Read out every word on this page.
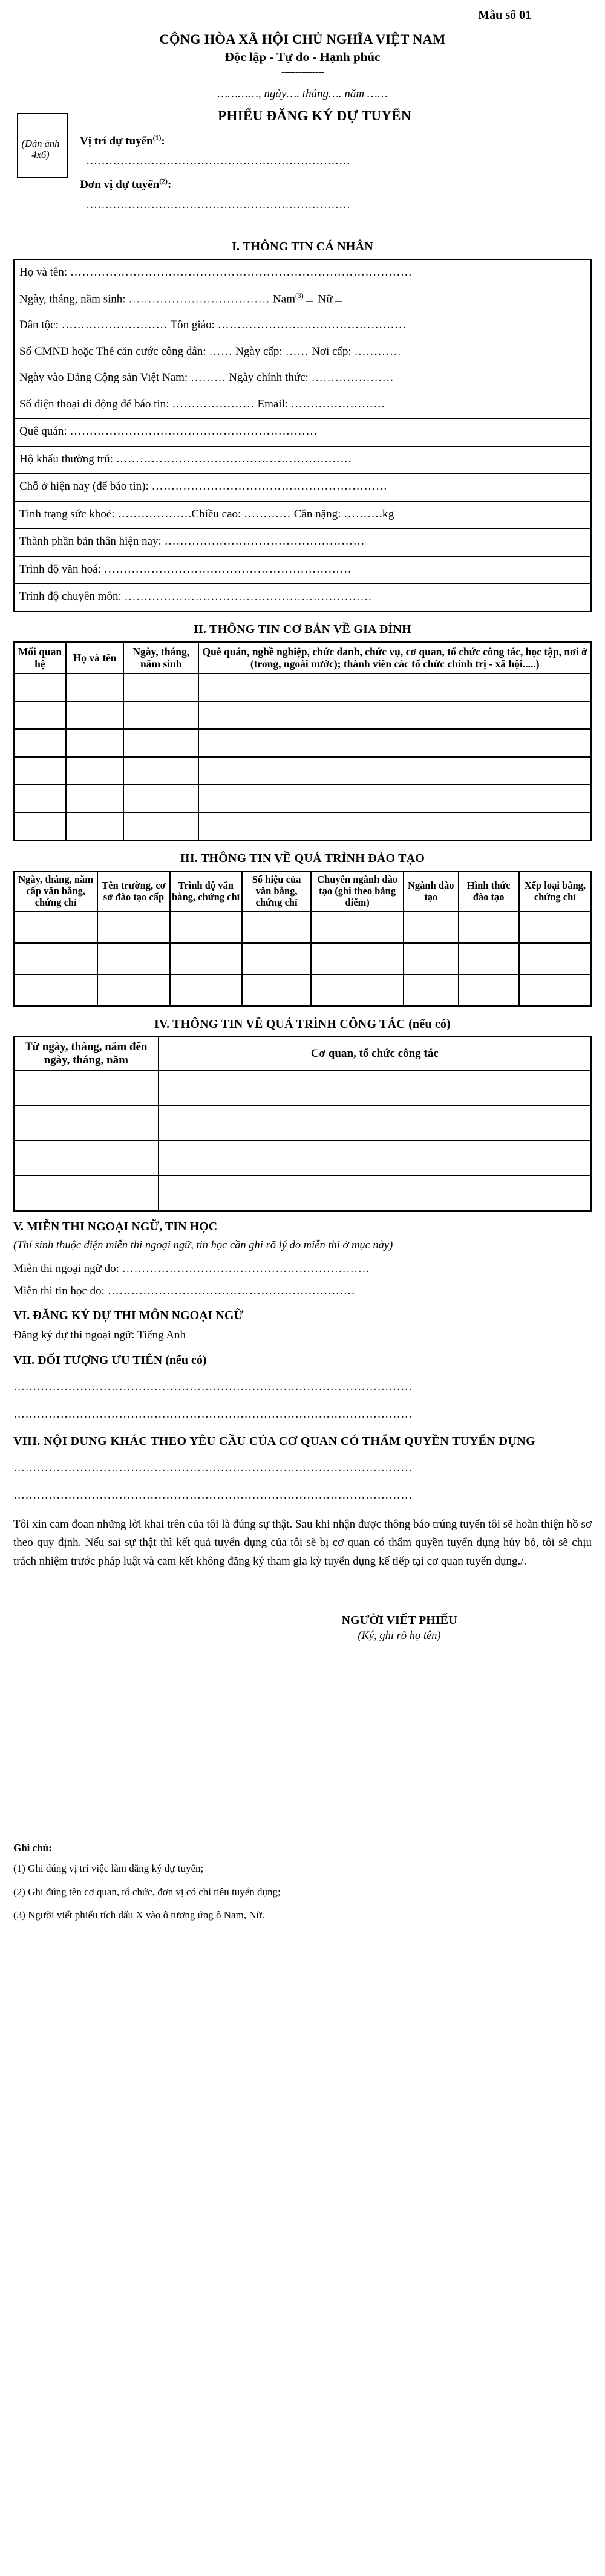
Mẫu số 01
CỘNG HÒA XÃ HỘI CHỦ NGHĨA VIỆT NAM
Độc lập - Tự do - Hạnh phúc
---------------
…………, ngày…. tháng…. năm ……
(Dán ảnh 4x6)
PHIẾU ĐĂNG KÝ DỰ TUYỂN
Vị trí dự tuyển$^{(1)}$:
……………………………………………………………
Đơn vị dự tuyển$^{(2)}$:
……………………………………………………………
I. THÔNG TIN CÁ NHÂN
Họ và tên: ……………………………………………………………………………
Ngày, tháng, năm sinh: ……………………………… Nam$^{(3)}$ Nữ
Dân tộc: ……………………… Tôn giáo: …………………………………………
Số CMND hoặc Thẻ căn cước công dân: …… Ngày cấp: …… Nơi cấp: …………
Ngày vào Đảng Cộng sản Việt Nam: ……… Ngày chính thức: …………………
Số điện thoại di động để báo tin: ………………… Email: ……………………
Quê quán: ………………………………………………………
Hộ khẩu thường trú: ……………………………………………………
Chỗ ở hiện nay (để báo tin): ……………………………………………………
Tình trạng sức khoẻ: ……………….Chiều cao: ………… Cân nặng: ……….kg
Thành phần bản thân hiện nay: ……………………………………………
Trình độ văn hoá: ………………………………………………………
Trình độ chuyên môn: ………………………………………………………
II. THÔNG TIN CƠ BẢN VỀ GIA ĐÌNH
Mối quan hệ	Họ và tên	Ngày, tháng, năm sinh	Quê quán, nghề nghiệp, chức danh, chức vụ, cơ quan, tổ chức công tác, học tập, nơi ở (trong, ngoài nước); thành viên các tổ chức chính trị - xã hội.....)

III. THÔNG TIN VỀ QUÁ TRÌNH ĐÀO TẠO
Ngày, tháng, năm cấp văn bằng, chứng chỉ	Tên trường, cơ sở đào tạo cấp	Trình độ văn bằng, chứng chỉ	Số hiệu của văn bằng, chứng chỉ	Chuyên ngành đào tạo (ghi theo bảng điểm)	Ngành đào tạo	Hình thức đào tạo	Xếp loại bằng, chứng chỉ

IV. THÔNG TIN VỀ QUÁ TRÌNH CÔNG TÁC (nếu có)
Từ ngày, tháng, năm đến ngày, tháng, năm	Cơ quan, tổ chức công tác

V. MIỄN THI NGOẠI NGỮ, TIN HỌC
(Thí sinh thuộc diện miễn thi ngoại ngữ, tin học cần ghi rõ lý do miễn thi ở mục này)
Miễn thi ngoại ngữ do: ………………………………………………………
Miễn thi tin học do: ………………………………………………………
VI. ĐĂNG KÝ DỰ THI MÔN NGOẠI NGỮ
Đăng ký dự thi ngoại ngữ: Tiếng Anh
VII. ĐỐI TƯỢNG ƯU TIÊN (nếu có)
…………………………………………………………………………………………
…………………………………………………………………………………………
VIII. NỘI DUNG KHÁC THEO YÊU CẦU CỦA CƠ QUAN CÓ THẨM QUYỀN TUYỂN DỤNG
…………………………………………………………………………………………
…………………………………………………………………………………………
Tôi xin cam đoan những lời khai trên của tôi là đúng sự thật. Sau khi nhận được thông báo trúng tuyển tôi sẽ hoàn thiện hồ sơ theo quy định. Nếu sai sự thật thì kết quả tuyển dụng của tôi sẽ bị cơ quan có thẩm quyền tuyển dụng hủy bỏ, tôi sẽ chịu trách nhiệm trước pháp luật và cam kết không đăng ký tham gia kỳ tuyển dụng kế tiếp tại cơ quan tuyển dụng./.
NGƯỜI VIẾT PHIẾU
(Ký, ghi rõ họ tên)
Ghi chú:
(1) Ghi đúng vị trí việc làm đăng ký dự tuyển;
(2) Ghi đúng tên cơ quan, tổ chức, đơn vị có chỉ tiêu tuyển dụng;
(3) Người viết phiếu tích dấu X vào ô tương ứng ô Nam, Nữ.
